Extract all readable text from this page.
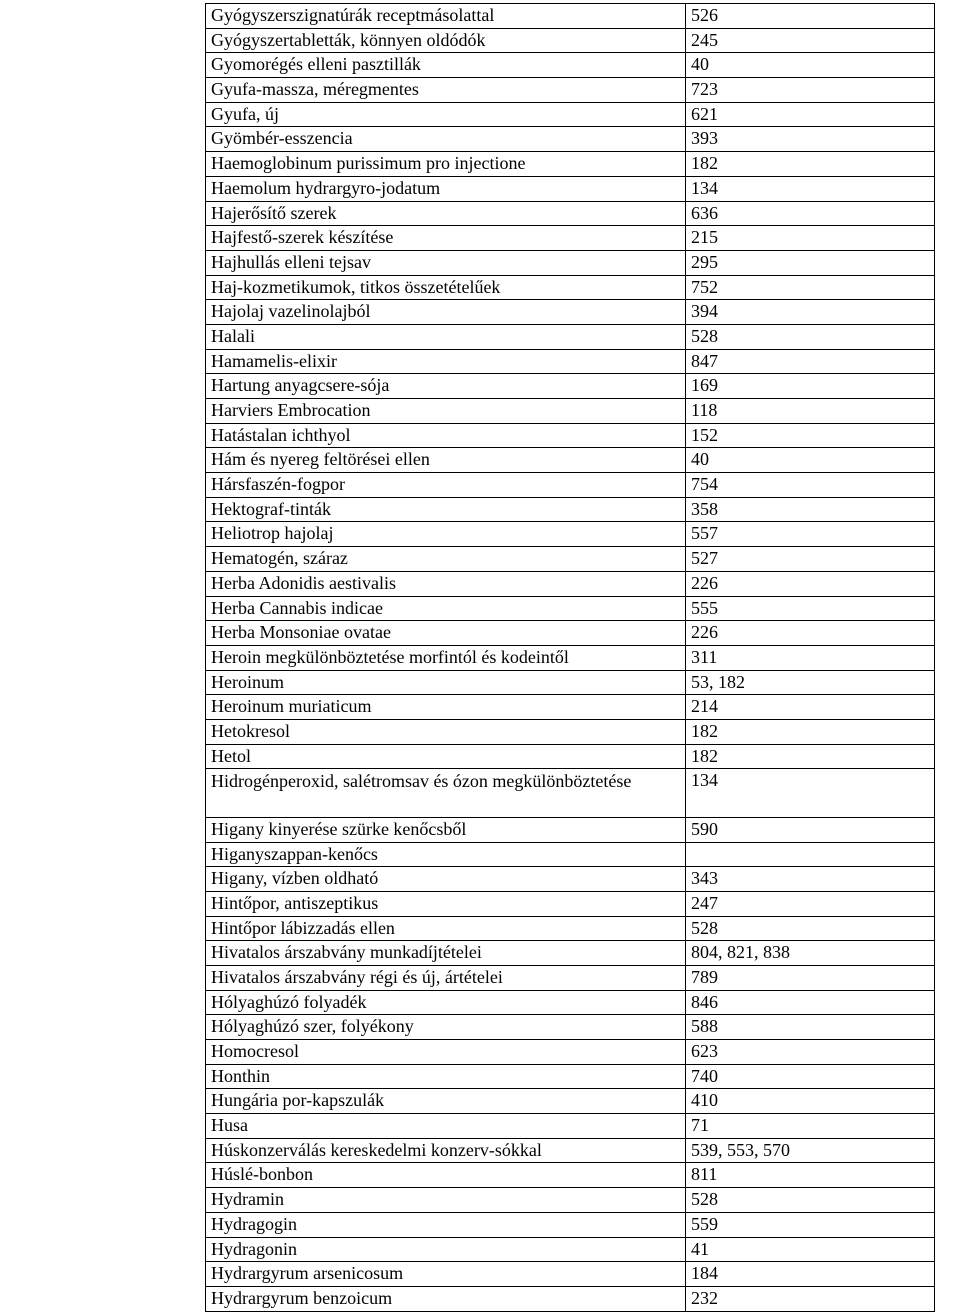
Gyógyszerszignatúrák receptmásolattal	526
Gyógyszertabletták, könnyen oldódók	245
Gyomorégés elleni pasztillák	40
Gyufa-massza, méregmentes	723
Gyufa, új	621
Gyömbér-esszencia	393
Haemoglobinum purissimum pro injectione	182
Haemolum hydrargyro-jodatum	134
Hajerősítő szerek	636
Hajfestő-szerek készítése	215
Hajhullás elleni tejsav	295
Haj-kozmetikumok, titkos összetételűek	752
Hajolaj vazelinolajból	394
Halali	528
Hamamelis-elixir	847
Hartung anyagcsere-sója	169
Harviers Embrocation	118
Hatástalan ichthyol	152
Hám és nyereg feltörései ellen	40
Hársfaszén-fogpor	754
Hektograf-tinták	358
Heliotrop hajolaj	557
Hematogén, száraz	527
Herba Adonidis aestivalis	226
Herba Cannabis indicae	555
Herba Monsoniae ovatae	226
Heroin megkülönböztetése morfintól és kodeintől	311
Heroinum	53, 182
Heroinum muriaticum	214
Hetokresol	182
Hetol	182
Hidrogénperoxid, salétromsav és ózon megkülönböztetése	134
Higany kinyerése szürke kenőcsből	590
Higanyszappan-kenőcs	
Higany, vízben oldható	343
Hintőpor, antiszeptikus	247
Hintőpor lábizzadás ellen	528
Hivatalos árszabvány munkadíjtételei	804, 821, 838
Hivatalos árszabvány régi és új, ártételei	789
Hólyaghúzó folyadék	846
Hólyaghúzó szer, folyékony	588
Homocresol	623
Honthin	740
Hungária por-kapszulák	410
Husa	71
Húskonzerválás kereskedelmi konzerv-sókkal	539, 553, 570
Húslé-bonbon	811
Hydramin	528
Hydragogin	559
Hydragonin	41
Hydrargyrum arsenicosum	184
Hydrargyrum benzoicum	232
